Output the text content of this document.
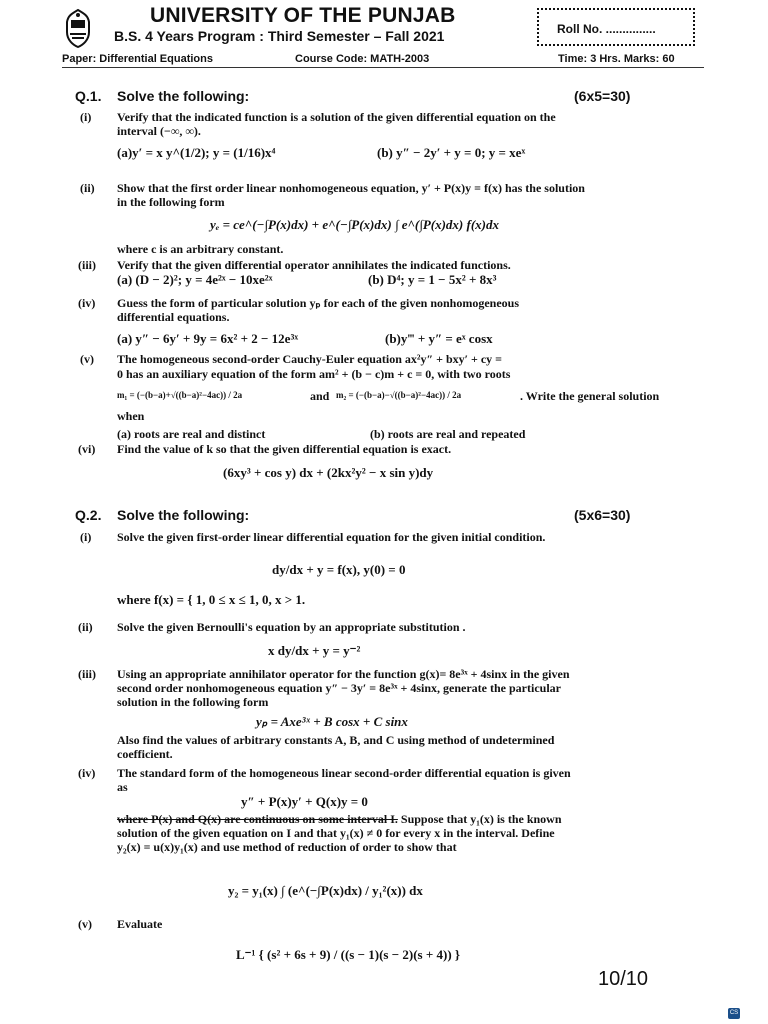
UNIVERSITY OF THE PUNJAB
B.S. 4 Years Program : Third Semester – Fall 2021	Roll No. ...............
Paper: Differential Equations	Course Code: MATH-2003	Time: 3 Hrs. Marks: 60
Q.1. Solve the following:	(6x5=30)
(i) Verify that the indicated function is a solution of the given differential equation on the interval (−∞, ∞).
(a)y′ = x y^(1/2); y = (1/16)x⁴	(b) y″ − 2y′ + y = 0; y = xeˣ
(ii) Show that the first order linear nonhomogeneous equation, y′ + P(x)y = f(x) has the solution in the following form
yₑ = ce^(−∫P(x)dx) + e^(−∫P(x)dx) ∫ e^(∫P(x)dx) f(x)dx
where c is an arbitrary constant.
(iii) Verify that the given differential operator annihilates the indicated functions.
(a) (D − 2)²; y = 4e²ˣ − 10xe²ˣ	(b) D⁴; y = 1 − 5x² + 8x³
(iv) Guess the form of particular solution yₚ for each of the given nonhomogeneous differential equations.
(a) y″ − 6y′ + 9y = 6x² + 2 − 12e³ˣ	(b)y‴ + y″ = eˣ cosx
(v) The homogeneous second-order Cauchy-Euler equation ax²y″ + bxy′ + cy =
0 has an auxiliary equation of the form am² + (b − c)m + c = 0, with two roots
m₁ = (−(b−a)+√((b−a)²−4ac)) / 2a	and m₂ = (−(b−a)−√((b−a)²−4ac)) / 2a	. Write the general solution
when
(a) roots are real and distinct	(b) roots are real and repeated
(vi) Find the value of k so that the given differential equation is exact.
(6xy³ + cos y) dx + (2kx²y² − x sin y)dy
Q.2. Solve the following:	(5x6=30)
(i) Solve the given first-order linear differential equation for the given initial condition.
dy/dx + y = f(x), y(0) = 0
where f(x) = { 1, 0 ≤ x ≤ 1, 0, x > 1.
(ii) Solve the given Bernoulli's equation by an appropriate substitution .
x dy/dx + y = y⁻²
(iii) Using an appropriate annihilator operator for the function g(x)= 8e³ˣ + 4sinx in the given second order nonhomogeneous equation y″ − 3y′ = 8e³ˣ + 4sinx, generate the particular solution in the following form
yₚ = Axe³ˣ + B cosx + C sinx
Also find the values of arbitrary constants A, B, and C using method of undetermined coefficient.
(iv) The standard form of the homogeneous linear second-order differential equation is given as
y″ + P(x)y′ + Q(x)y = 0
where P(x) and Q(x) are continuous on some interval I. Suppose that y₁(x) is the known solution of the given equation on I and that y₁(x) ≠ 0 for every x in the interval. Define y₂(x) = u(x)y₁(x) and use method of reduction of order to show that
y₂ = y₁(x) ∫ (e^(−∫P(x)dx) / y₁²(x)) dx
(v) Evaluate
L⁻¹ { (s² + 6s + 9) / ((s − 1)(s − 2)(s + 4)) }
10/10
CS
